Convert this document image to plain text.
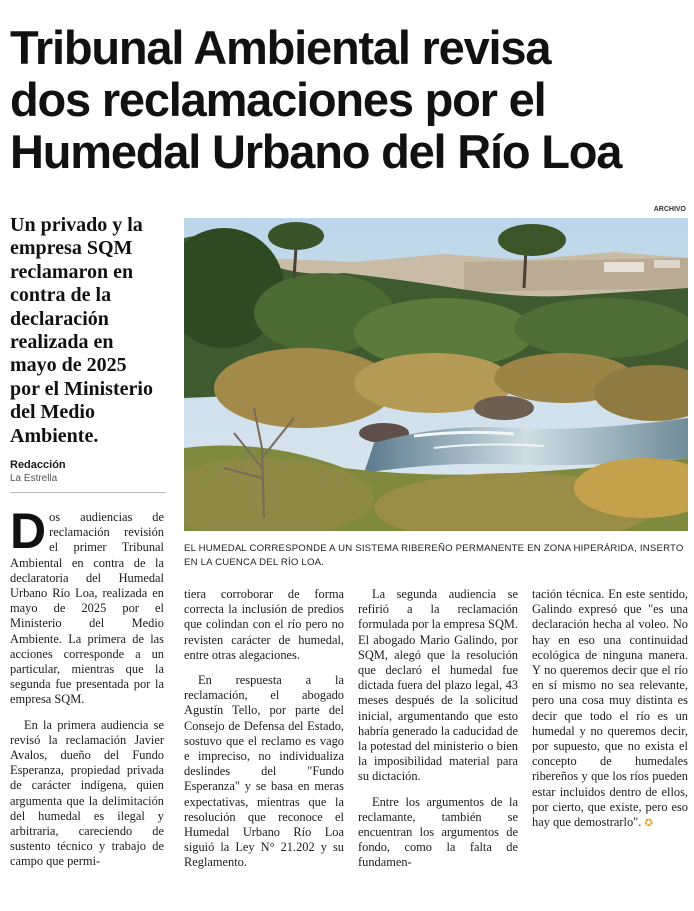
Tribunal Ambiental revisa
dos reclamaciones por el
Humedal Urbano del Río Loa
Un privado y la
empresa SQM
reclamaron en
contra de la
declaración
realizada en
mayo de 2025
por el Ministerio
del Medio
Ambiente.
Redacción
La Estrella
ARCHIVO
EL HUMEDAL CORRESPONDE A UN SISTEMA RIBEREÑO PERMANENTE EN ZONA HIPERÁRIDA, INSERTO EN LA CUENCA DEL RÍO LOA.

Dos audiencias de reclamación revisión el primer Tribunal Ambiental en contra de la declaratoria del Humedal Urbano Río Loa, realizada en mayo de 2025 por el Ministerio del Medio Ambiente. La primera de las acciones corresponde a un particular, mientras que la segunda fue presentada por la empresa SQM.

En la primera audiencia se revisó la reclamación Javier Avalos, dueño del Fundo Esperanza, propiedad privada de carácter indígena, quien argumenta que la delimitación del humedal es ilegal y arbitraria, careciendo de sustento técnico y trabajo de campo que permi-

tiera corroborar de forma correcta la inclusión de predios que colindan con el río pero no revisten carácter de humedal, entre otras alegaciones.

En respuesta a la reclamación, el abogado Agustín Tello, por parte del Consejo de Defensa del Estado, sostuvo que el reclamo es vago e impreciso, no individualiza deslindes del "Fundo Esperanza" y se basa en meras expectativas, mientras que la resolución que reconoce el Humedal Urbano Río Loa siguió la Ley N° 21.202 y su Reglamento.

La segunda audiencia se refirió a la reclamación formulada por la empresa SQM. El abogado Mario Galindo, por SQM, alegó que la resolución que declaró el humedal fue dictada fuera del plazo legal, 43 meses después de la solicitud inicial, argumentando que esto habría generado la caducidad de la potestad del ministerio o bien la imposibilidad material para su dictación.

Entre los argumentos de la reclamante, también se encuentran los argumentos de fondo, como la falta de fundamen-

tación técnica. En este sentido, Galindo expresó que "es una declaración hecha al voleo. No hay en eso una continuidad ecológica de ninguna manera. Y no queremos decir que el río en sí mismo no sea relevante, pero una cosa muy distinta es decir que todo el río es un humedal y no queremos decir, por supuesto, que no exista el concepto de humedales ribereños y que los ríos pueden estar incluidos dentro de ellos, por cierto, que existe, pero eso hay que demostrarlo". ✪
